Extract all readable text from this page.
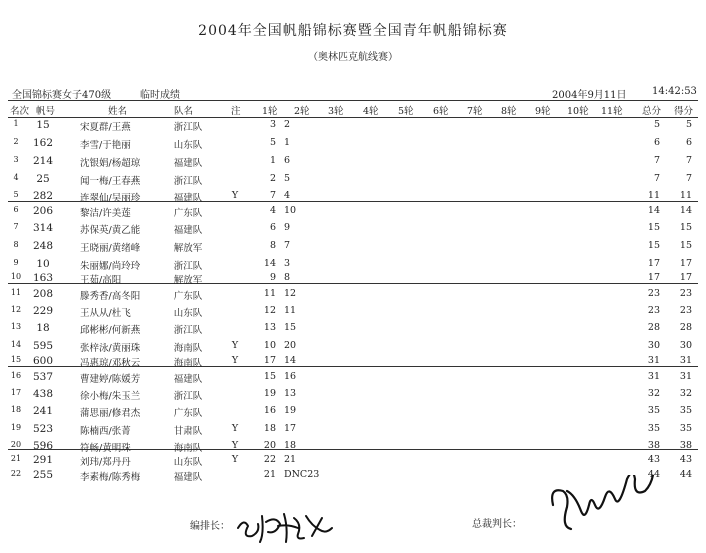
2004年全国帆船锦标赛暨全国青年帆船锦标赛
（奥林匹克航线赛）
全国锦标赛女子470级	临时成绩	2004年9月11日	14:42:53
名次 帆号	姓名	队名	注 1轮 2轮 3轮 4轮 5轮 6轮 7轮 8轮 9轮 10轮 11轮 总分 得分
1	15	宋夏群/王燕	浙江队	3 2	5	5
2	162	李雪/于艳丽	山东队	5 1	6	6
3	214	沈银娟/杨超琼	福建队	1 6	7	7
4	25	闻一梅/王春燕	浙江队	2 5	7	7
5	282	连翠仙/吴丽珍	福建队	Y	7 4	11	11
6	206	黎洁/许美莲	广东队	4 10	14	14
7	314	苏保英/黄乙能	福建队	6 9	15	15
8	248	王晓丽/黄绪峰	解放军	8 7	15	15
9	10	朱丽娜/尚玲玲	浙江队	14 3	17	17
10	163	王茹/高阳	解放军	9 8	17	17
11	208	滕秀香/高冬阳	广东队	11 12	23	23
12	229	王从从/杜飞	山东队	12 11	23	23
13	18	邱彬彬/何新燕	浙江队	13 15	28	28
14	595	张梓泳/黄丽珠	海南队	Y	10 20	30	30
15	600	冯惠琼/邓秋云	海南队	Y	17 14	31	31
16	537	曹建婷/陈媛芳	福建队	15 16	31	31
17	438	徐小梅/朱玉兰	浙江队	19 13	32	32
18	241	蒲思丽/修君杰	广东队	16 19	35	35
19	523	陈楠西/张菁	甘肃队	Y	18 17	35	35
20	596	符畅/黄明珠	海南队	Y	20 18	38	38
21	291	刘玮/郑丹丹	山东队	Y	22 21	43	43
22	255	李素梅/陈秀梅	福建队	21 DNC23	44	44
编排长：	总裁判长：
